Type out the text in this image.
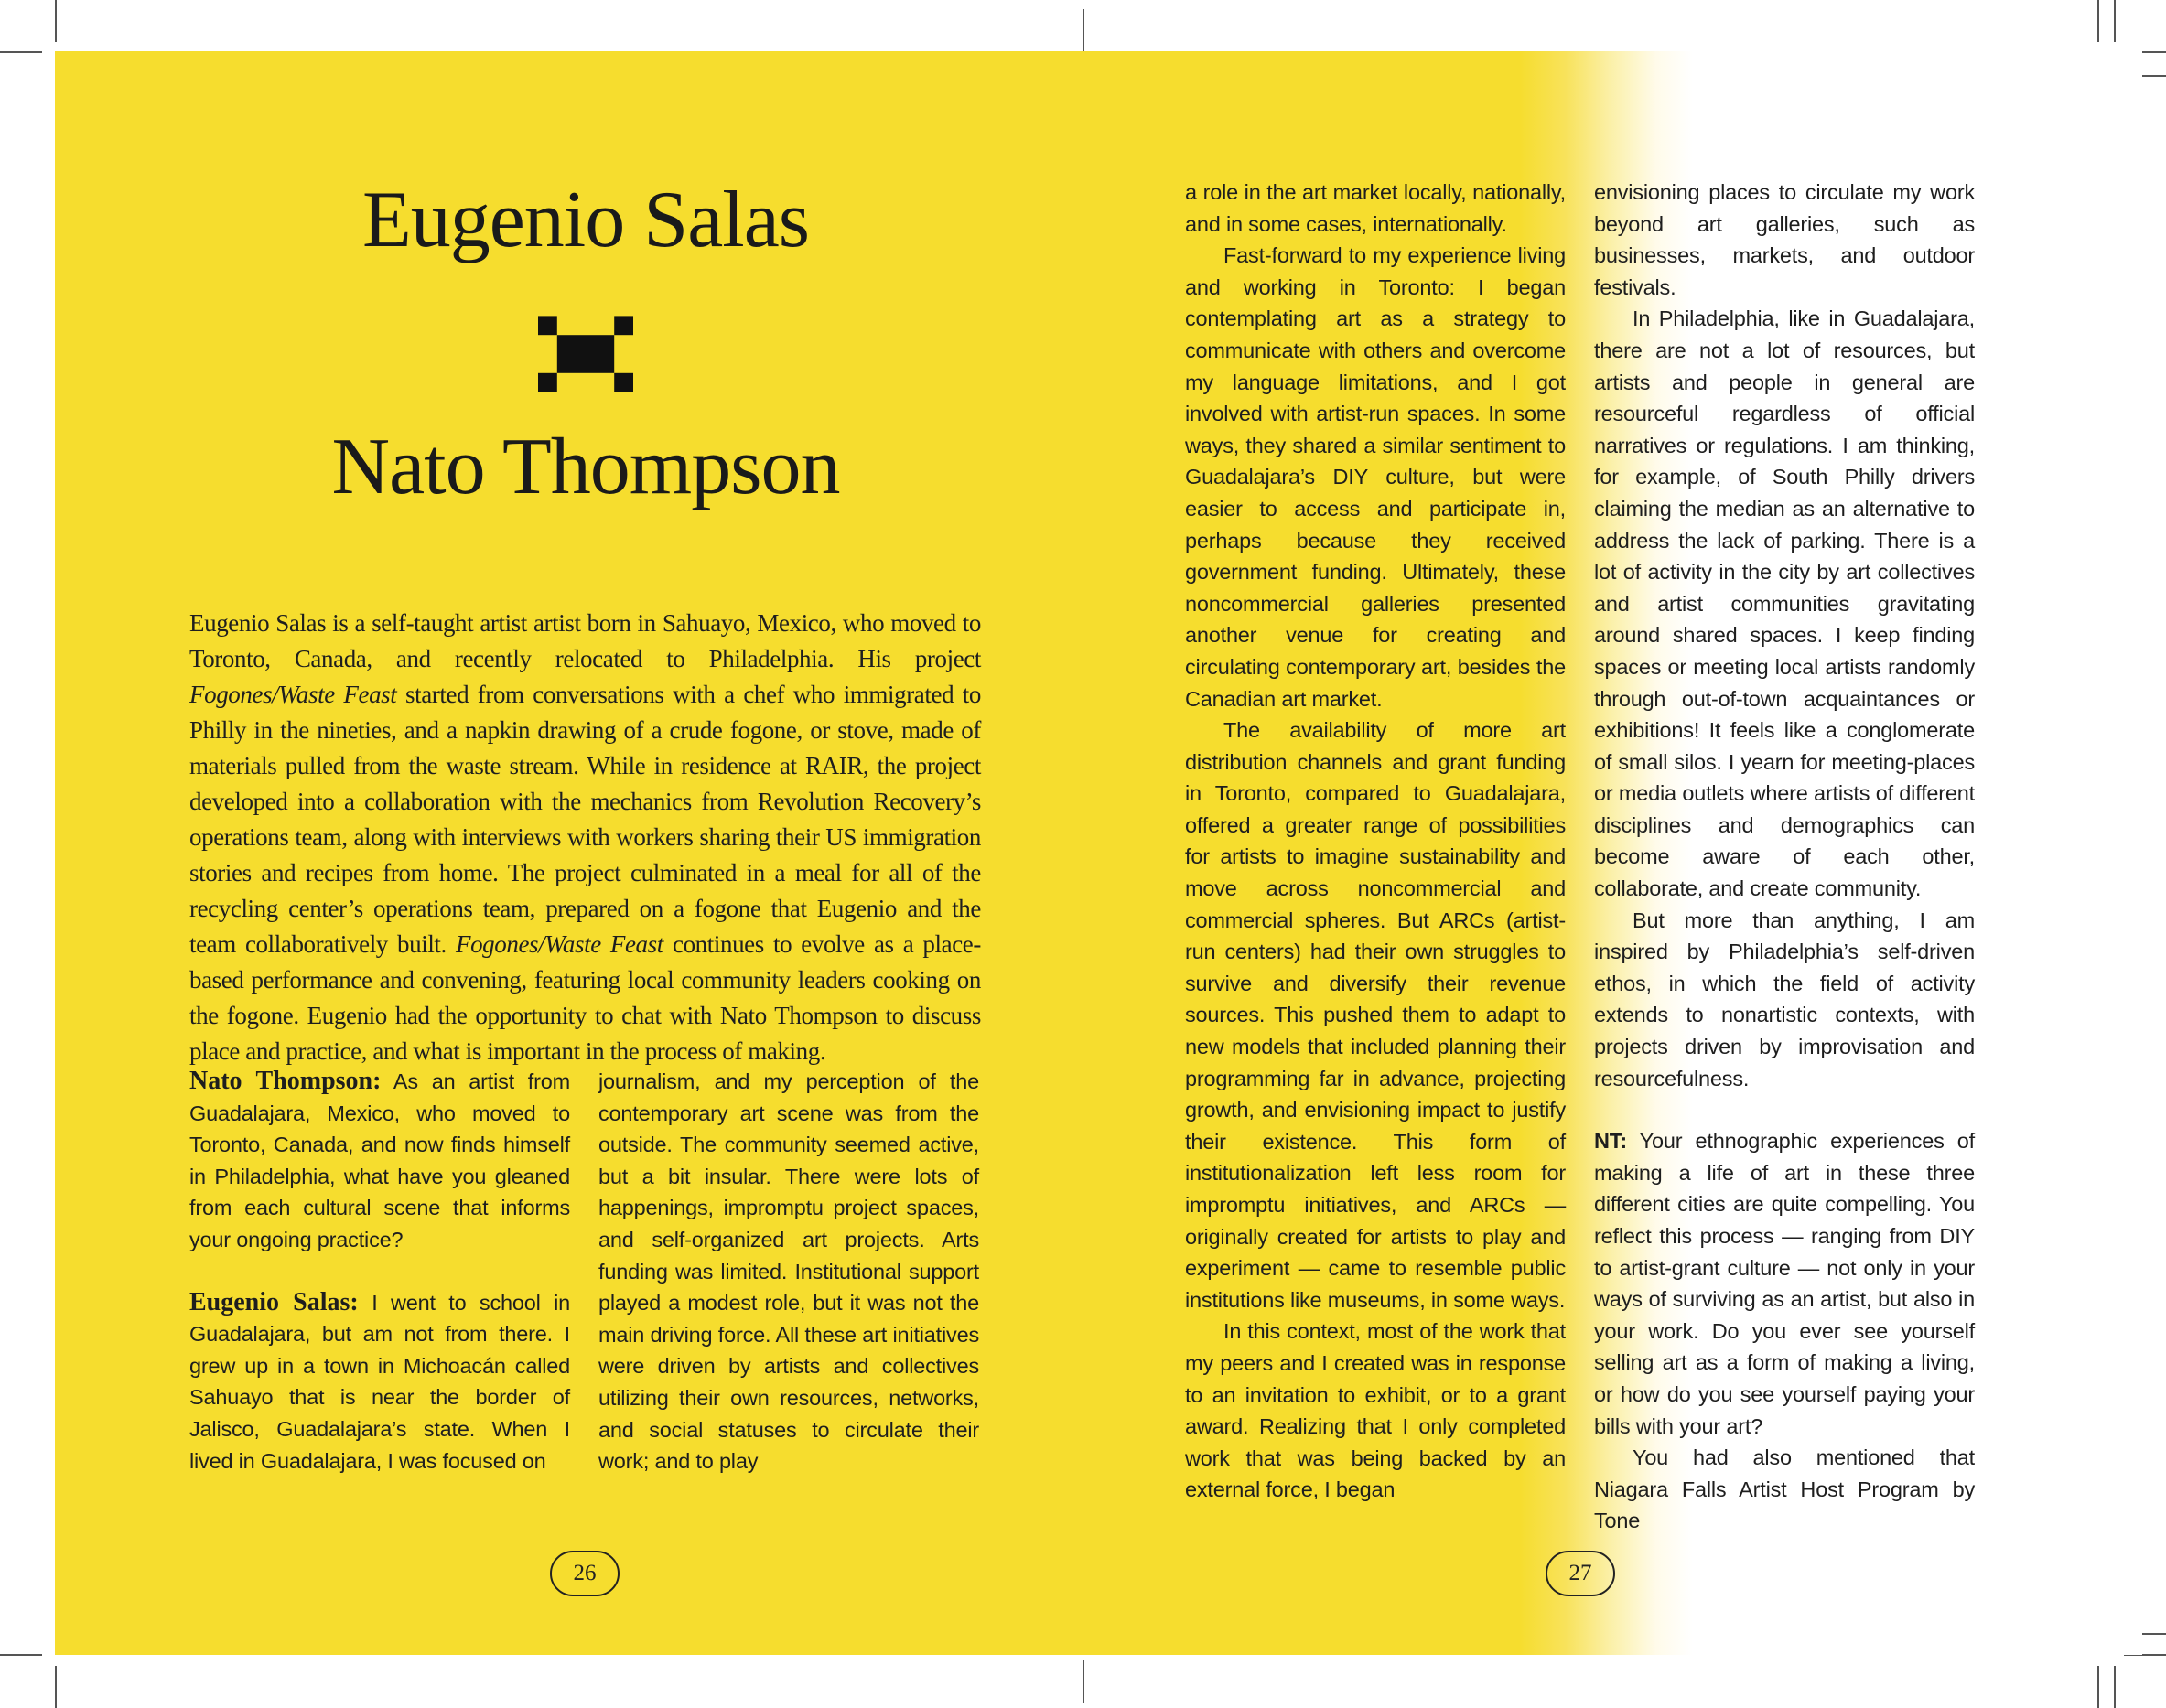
Eugenio Salas
Nato Thompson
Eugenio Salas is a self-taught artist artist born in Sahuayo, Mexico, who moved to Toronto, Canada, and recently relocated to Philadelphia. His project Fogones/Waste Feast started from conversations with a chef who immigrated to Philly in the nineties, and a napkin drawing of a crude fogone, or stove, made of materials pulled from the waste stream. While in residence at RAIR, the project developed into a collaboration with the mechanics from Revolution Recovery’s operations team, along with interviews with workers sharing their US immigration stories and recipes from home. The project culminated in a meal for all of the recycling center’s operations team, prepared on a fogone that Eugenio and the team collaboratively built. Fogones/Waste Feast continues to evolve as a place-based performance and convening, featuring local community leaders cooking on the fogone. Eugenio had the opportunity to chat with Nato Thompson to discuss place and practice, and what is important in the process of making.

Nato Thompson: As an artist from Guadalajara, Mexico, who moved to Toronto, Canada, and now finds himself in Philadelphia, what have you gleaned from each cultural scene that informs your ongoing practice?

Eugenio Salas: I went to school in Guadalajara, but am not from there. I grew up in a town in Michoacán called Sahuayo that is near the border of Jalisco, Guadalajara’s state. When I lived in Guadalajara, I was focused on

journalism, and my perception of the contemporary art scene was from the outside. The community seemed active, but a bit insular. There were lots of happenings, impromptu project spaces, and self-organized art projects. Arts funding was limited. Institutional support played a modest role, but it was not the main driving force. All these art initiatives were driven by artists and collectives utilizing their own resources, networks, and social statuses to circulate their work; and to play

a role in the art market locally, nationally, and in some cases, internationally.

Fast-forward to my experience living and working in Toronto: I began contemplating art as a strategy to communicate with others and overcome my language limitations, and I got involved with artist-run spaces. In some ways, they shared a similar sentiment to Guadalajara’s DIY culture, but were easier to access and participate in, perhaps because they received government funding. Ultimately, these noncommercial galleries presented another venue for creating and circulating contemporary art, besides the Canadian art market.

The availability of more art distribution channels and grant funding in Toronto, compared to Guadalajara, offered a greater range of possibilities for artists to imagine sustainability and move across noncommercial and commercial spheres. But ARCs (artist-run centers) had their own struggles to survive and diversify their revenue sources. This pushed them to adapt to new models that included planning their programming far in advance, projecting growth, and envisioning impact to justify their existence. This form of institutionalization left less room for impromptu initiatives, and ARCs — originally created for artists to play and experiment — came to resemble public institutions like museums, in some ways.

In this context, most of the work that my peers and I created was in response to an invitation to exhibit, or to a grant award. Realizing that I only completed work that was being backed by an external force, I began

envisioning places to circulate my work beyond art galleries, such as businesses, markets, and outdoor festivals.

In Philadelphia, like in Guadalajara, there are not a lot of resources, but artists and people in general are resourceful regardless of official narratives or regulations. I am thinking, for example, of South Philly drivers claiming the median as an alternative to address the lack of parking. There is a lot of activity in the city by art collectives and artist communities gravitating around shared spaces. I keep finding spaces or meeting local artists randomly through out-of-town acquaintances or exhibitions! It feels like a conglomerate of small silos. I yearn for meeting-places or media outlets where artists of different disciplines and demographics can become aware of each other, collaborate, and create community.

But more than anything, I am inspired by Philadelphia’s self-driven ethos, in which the field of activity extends to nonartistic contexts, with projects driven by improvisation and resourcefulness.

NT: Your ethnographic experiences of making a life of art in these three different cities are quite compelling. You reflect this process — ranging from DIY to artist-grant culture — not only in your ways of surviving as an artist, but also in your work. Do you ever see yourself selling art as a form of making a living, or how do you see yourself paying your bills with your art?

You had also mentioned that Niagara Falls Artist Host Program by Tone

26	27
